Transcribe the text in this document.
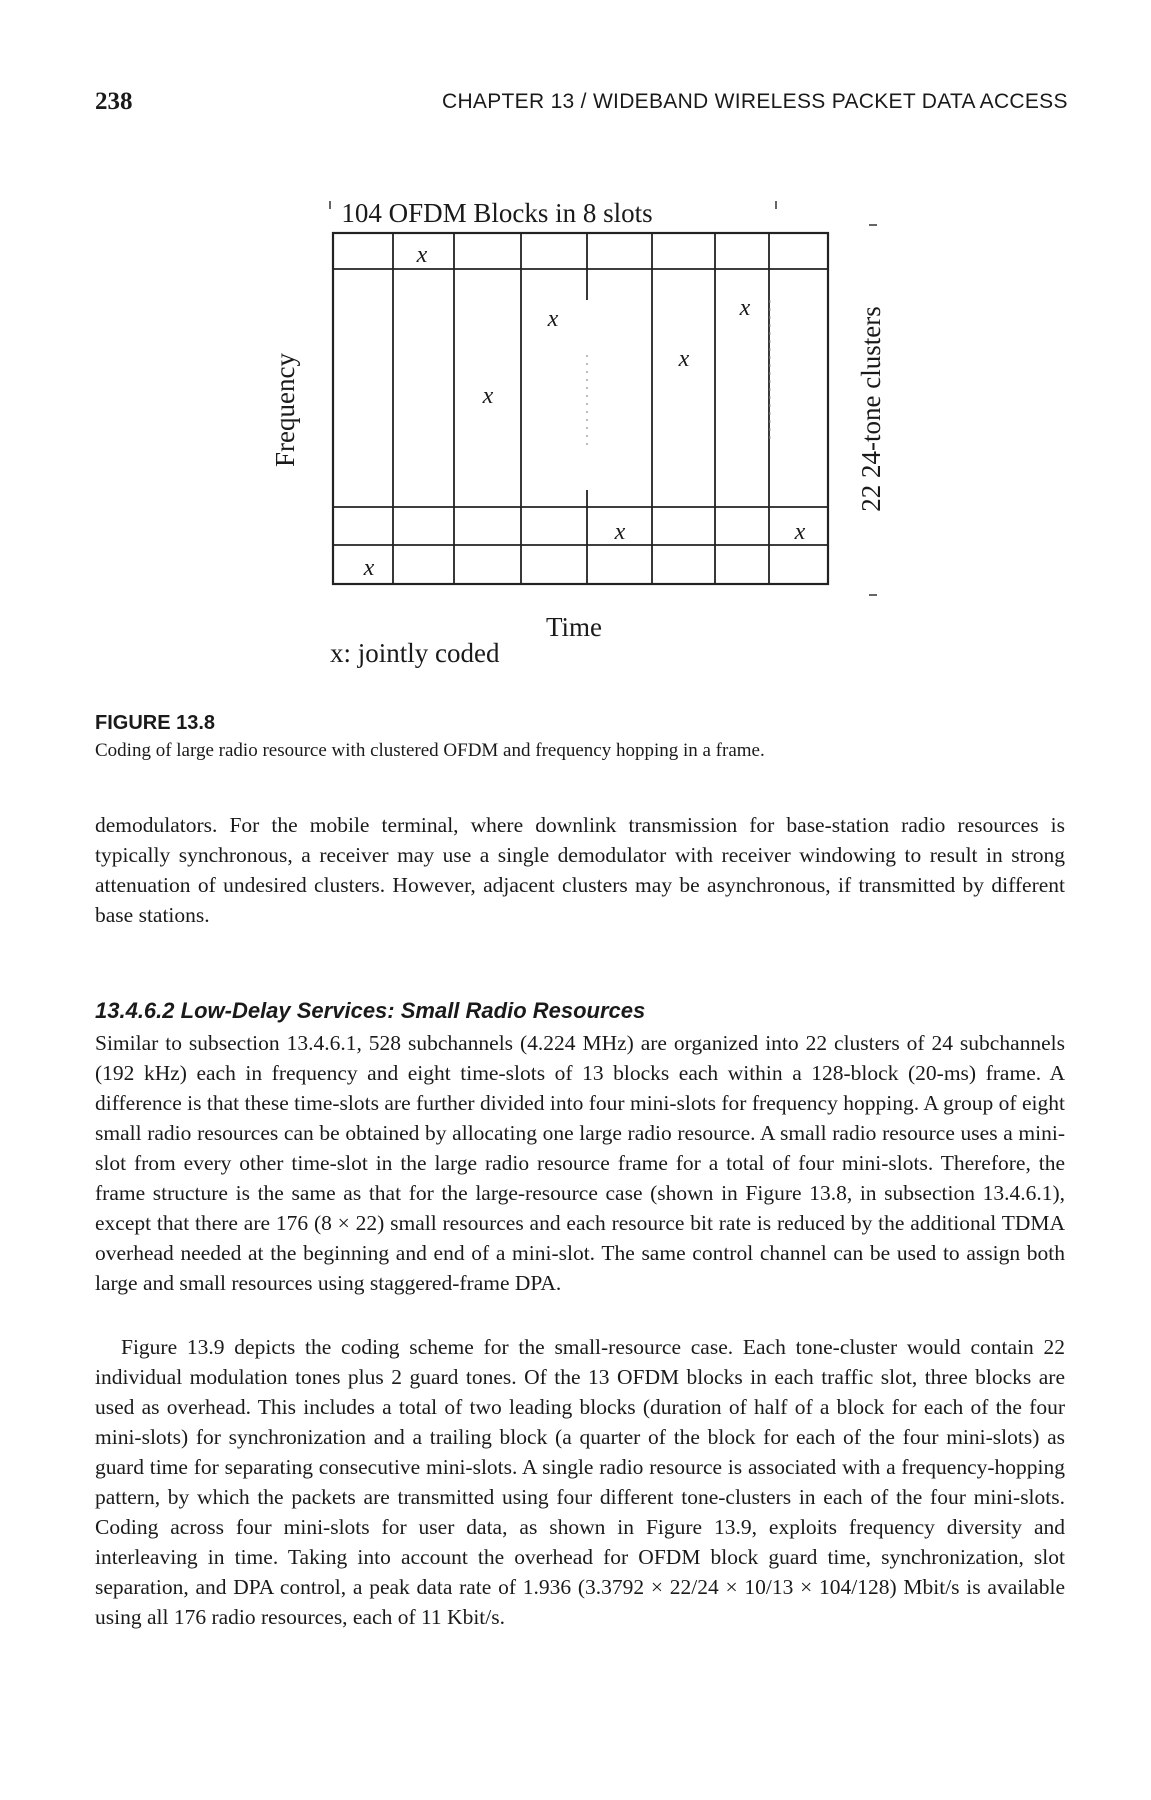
238	CHAPTER 13 / WIDEBAND WIRELESS PACKET DATA ACCESS
104 OFDM Blocks in 8 slots
x
x	x
x
x
x	x
x
Frequency	22 24-tone clusters
Time
x: jointly coded
FIGURE 13.8
Coding of large radio resource with clustered OFDM and frequency hopping in a frame.

demodulators. For the mobile terminal, where downlink transmission for base-station radio resources is typically synchronous, a receiver may use a single demodulator with receiver windowing to result in strong attenuation of undesired clusters. However, adjacent clusters may be asynchronous, if transmitted by different base stations.

13.4.6.2 Low-Delay Services: Small Radio Resources

Similar to subsection 13.4.6.1, 528 subchannels (4.224 MHz) are organized into 22 clusters of 24 subchannels (192 kHz) each in frequency and eight time-slots of 13 blocks each within a 128-block (20-ms) frame. A difference is that these time-slots are further divided into four mini-slots for frequency hopping. A group of eight small radio resources can be obtained by allocating one large radio resource. A small radio resource uses a mini-slot from every other time-slot in the large radio resource frame for a total of four mini-slots. Therefore, the frame structure is the same as that for the large-resource case (shown in Figure 13.8, in subsection 13.4.6.1), except that there are 176 (8 × 22) small resources and each resource bit rate is reduced by the additional TDMA overhead needed at the beginning and end of a mini-slot. The same control channel can be used to assign both large and small resources using staggered-frame DPA.

Figure 13.9 depicts the coding scheme for the small-resource case. Each tone-cluster would contain 22 individual modulation tones plus 2 guard tones. Of the 13 OFDM blocks in each traffic slot, three blocks are used as overhead. This includes a total of two leading blocks (duration of half of a block for each of the four mini-slots) for synchronization and a trailing block (a quarter of the block for each of the four mini-slots) as guard time for separating consecutive mini-slots. A single radio resource is associated with a frequency-hopping pattern, by which the packets are transmitted using four different tone-clusters in each of the four mini-slots. Coding across four mini-slots for user data, as shown in Figure 13.9, exploits frequency diversity and interleaving in time. Taking into account the overhead for OFDM block guard time, synchronization, slot separation, and DPA control, a peak data rate of 1.936 (3.3792 × 22/24 × 10/13 × 104/128) Mbit/s is available using all 176 radio resources, each of 11 Kbit/s.
